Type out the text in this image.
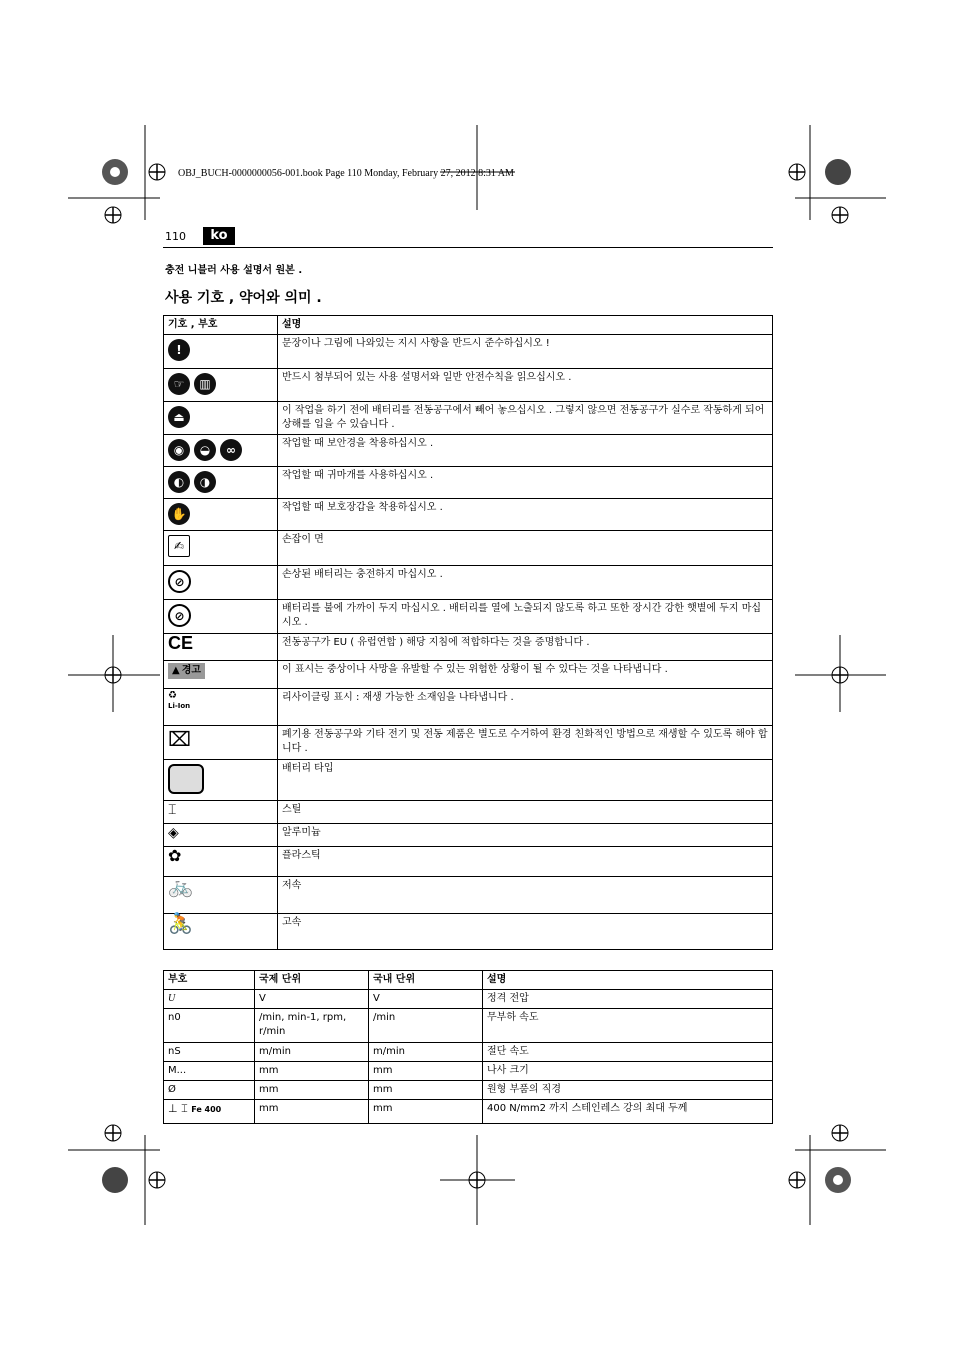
OBJ_BUCH-0000000056-001.book Page 110 Monday, February 27, 2012 8:31 AM
110	ko
충전 니블러 사용 설명서 원본 .
사용 기호 , 약어와 의미 .
기호 , 부호	설명

!	문장이나 그림에 나와있는 지시 사항을 반드시 준수하십시오 !

☞ ▥	반드시 첨부되어 있는 사용 설명서와 일반 안전수칙을 읽으십시오 .

⏏	이 작업을 하기 전에 배터리를 전동공구에서 빼어 놓으십시오 . 그렇지 않으면 전동공구가 실수로 작동하게 되어 상해를 입을 수 있습니다 .

◉ ◒ ∞	작업할 때 보안경을 착용하십시오 .

◐ ◑	작업할 때 귀마개를 사용하십시오 .

✋	작업할 때 보호장갑을 착용하십시오 .

✍	손잡이 면

⊘	손상된 배터리는 충전하지 마십시오 .

⊘	배터리를 불에 가까이 두지 마십시오 . 배터리를 열에 노출되지 않도록 하고 또한 장시간 강한 햇볕에 두지 마십시오 .
CE	전동공구가 EU ( 유럽연합 ) 해당 지침에 적합하다는 것을 증명합니다 .

▲ 경고	이 표시는 중상이나 사망을 유발할 수 있는 위험한 상황이 될 수 있다는 것을 나타냅니다 .

♻
Li-Ion	리사이클링 표시 : 재생 가능한 소재임을 나타냅니다 .

⌧	폐기용 전동공구와 기타 전기 및 전동 제품은 별도로 수거하여 환경 친화적인 방법으로 재생할 수 있도록 해야 합니다 .

	배터리 타입
⌶	스틸
◈	알루미늄
✿	플라스틱
🚲	저속
🚴	고속
부호	국제 단위	국내 단위	설명
U	V	V	정격 전압
n0	/min, min-1, rpm, r/min	/min	무부하 속도
nS	m/min	m/min	절단 속도
M...	mm	mm	나사 크기
Ø	mm	mm	원형 부품의 직경
⊥ ⌶ Fe 400	mm	mm	400 N/mm2 까지 스테인레스 강의 최대 두께
